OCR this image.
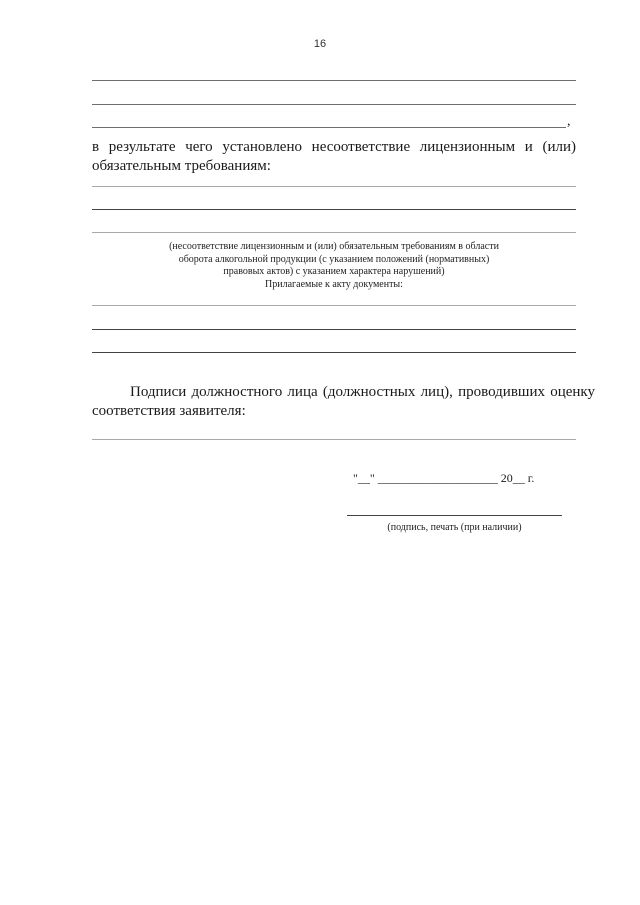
16
,
в результате чего установлено несоответствие лицензионным и (или) обязательным требованиям:
(несоответствие лицензионным и (или) обязательным требованиям в области
оборота алкогольной продукции (с указанием положений (нормативных)
правовых актов) с указанием характера нарушений)
Прилагаемые к акту документы:
Подписи должностного лица (должностных лиц), проводивших оценку соответствия заявителя:
"__" ____________________ 20__ г.
(подпись, печать (при наличии)
